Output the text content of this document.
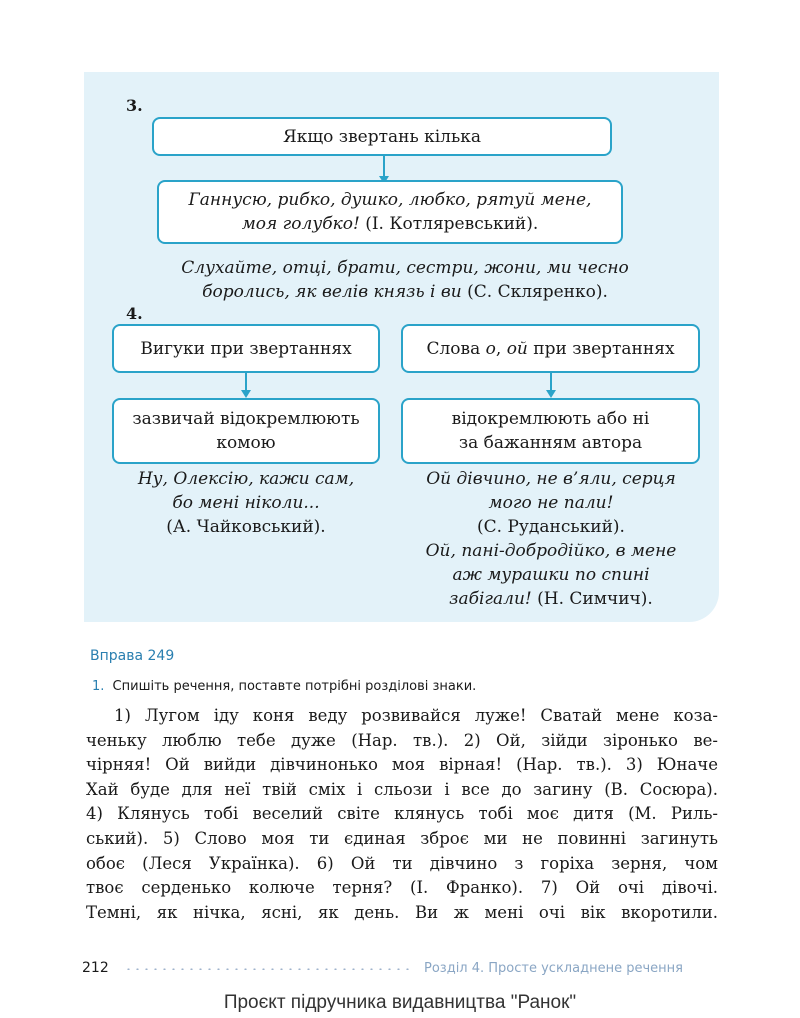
3.
Якщо звертань кілька
Ганнусю, рибко, душко, любко, рятуй мене,
моя голубко! (І. Котляревський).
Слухайте, отці, брати, сестри, жони, ми чесно
боролись, як велів князь і ви (С. Скляренко).
4.
Вигуки при звертаннях
зазвичай відокремлюють
комою
Ну, Олексію, кажи сам,
бо мені ніколи...
(А. Чайковський).
Слова о, ой при звертаннях
відокремлюють або ні
за бажанням автора
Ой дівчино, не в’яли, серця
мого не пали!
(С. Руданський).
Ой, пані-добродійко, в мене
аж мурашки по спині
забігали! (Н. Симчич).
Вправа 249
1. Спишіть речення, поставте потрібні розділові знаки.
1) Лугом іду коня веду розвивайся луже! Сватай мене коза-
ченьку люблю тебе дуже (Нар. тв.). 2) Ой, зійди зіронько ве-
чірняя! Ой вийди дівчинонько моя вірная! (Нар. тв.). 3) Юначе
Хай буде для неї твій сміх і сльози і все до загину (В. Сосюра).
4) Клянусь тобі веселий світе клянусь тобі моє дитя (М. Риль-
ський). 5) Слово моя ти єдиная зброє ми не повинні загинуть
обоє (Леся Українка). 6) Ой ти дівчино з горіха зерня, чом
твоє серденько колюче терня? (І. Франко). 7) Ой очі дівочі.
Темні, як нічка, ясні, як день. Ви ж мені очі вік вкоротили.
212	Розділ 4. Просте ускладнене речення
Проєкт підручника видавництва "Ранок"
